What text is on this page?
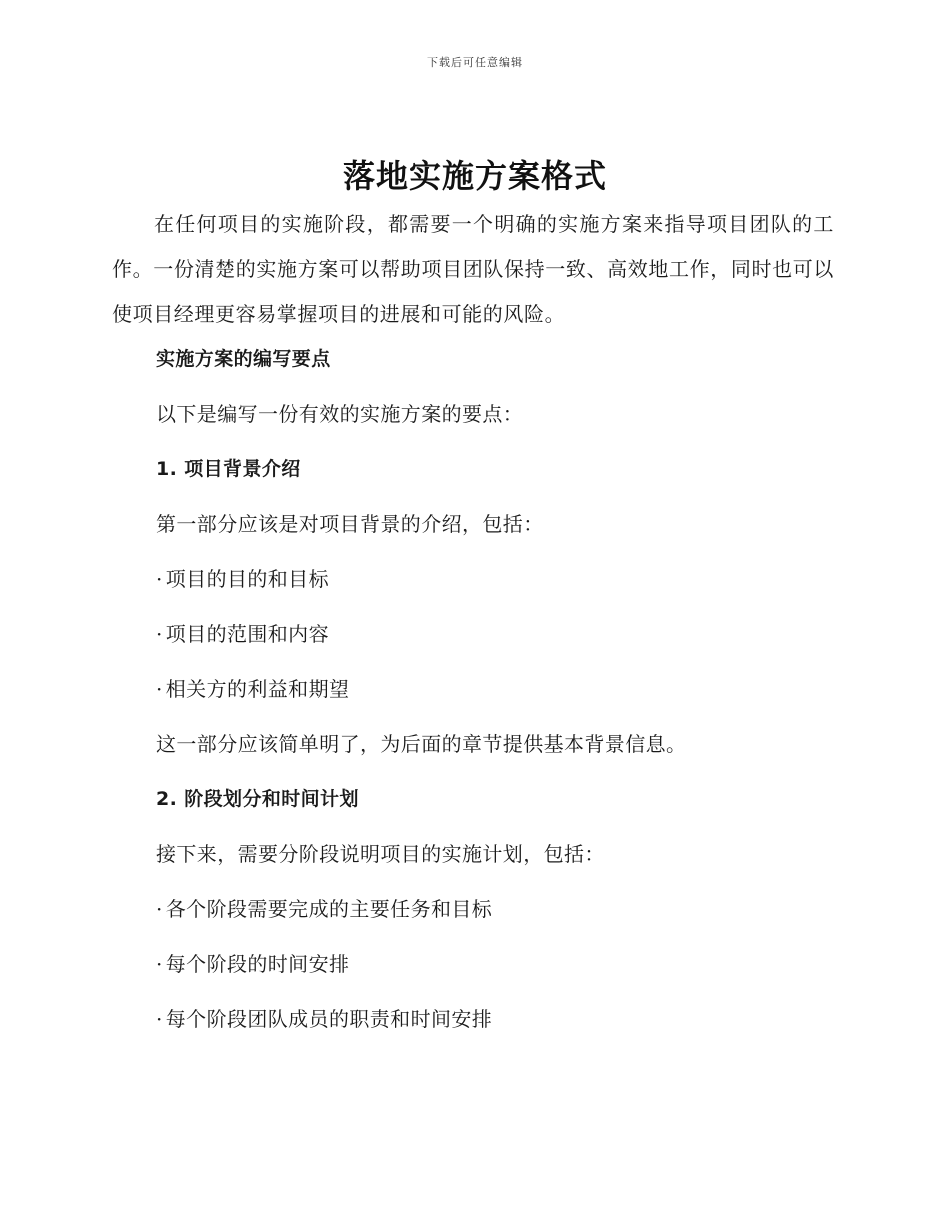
下载后可任意编辑
落地实施方案格式

在任何项目的实施阶段，都需要一个明确的实施方案来指导项目团队的工作。一份清楚的实施方案可以帮助项目团队保持一致、高效地工作，同时也可以使项目经理更容易掌握项目的进展和可能的风险。

实施方案的编写要点

以下是编写一份有效的实施方案的要点：

1. 项目背景介绍

第一部分应该是对项目背景的介绍，包括：

· 项目的目的和目标

· 项目的范围和内容

· 相关方的利益和期望

这一部分应该简单明了，为后面的章节提供基本背景信息。

2. 阶段划分和时间计划

接下来，需要分阶段说明项目的实施计划，包括：

· 各个阶段需要完成的主要任务和目标

· 每个阶段的时间安排

· 每个阶段团队成员的职责和时间安排
